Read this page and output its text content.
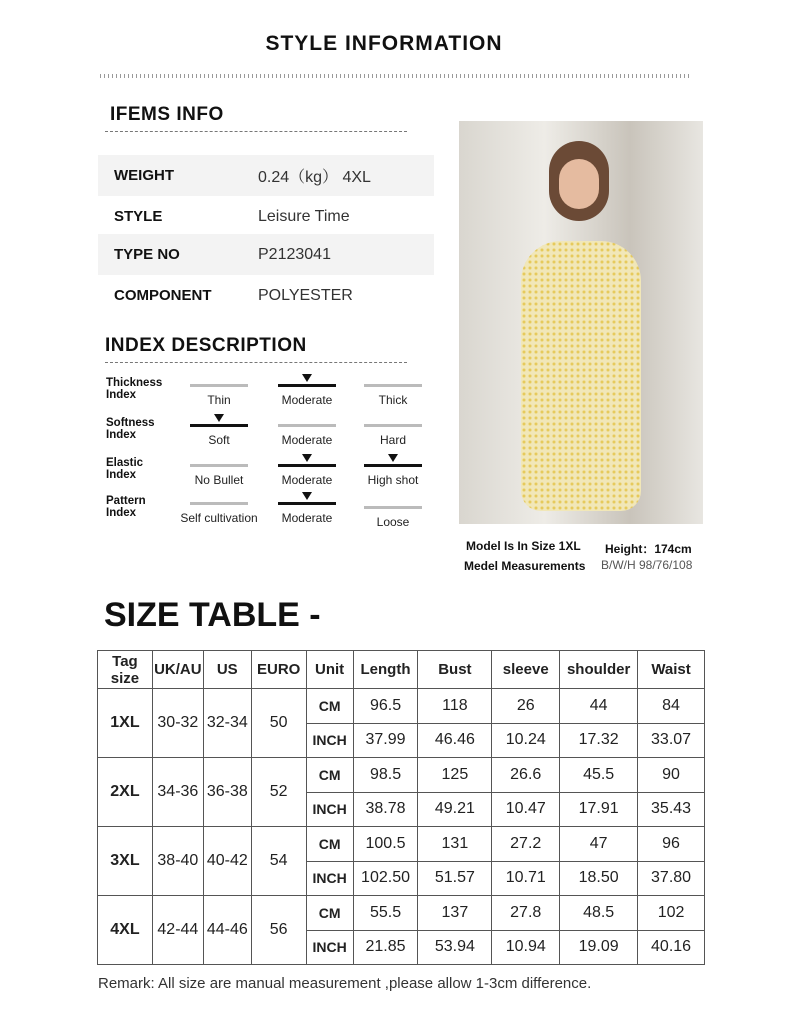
STYLE INFORMATION
IFEMS INFO
WEIGHT	0.24（kg） 4XL
STYLE	Leisure Time
TYPE NO	P2123041
COMPONENT	POLYESTER
INDEX DESCRIPTION
Thickness
Index	Thin	Moderate	Thick
Softness
Index	Soft	Moderate	Hard
Elastic
Index	No Bullet	Moderate	High shot
Pattern
Index	Self cultivation	Moderate	Loose
Model Is In Size 1XL Height：174cm
Medel Measurements B/W/H 98/76/108
SIZE TABLE -
Tag size	UK/AU	US	EURO	Unit	Length	Bust	sleeve	shoulder	Waist
1XL	30-32	32-34	50	CM	96.5	118	26	44	84
				INCH	37.99	46.46	10.24	17.32	33.07
2XL	34-36	36-38	52	CM	98.5	125	26.6	45.5	90
				INCH	38.78	49.21	10.47	17.91	35.43
3XL	38-40	40-42	54	CM	100.5	131	27.2	47	96
				INCH	102.50	51.57	10.71	18.50	37.80
4XL	42-44	44-46	56	CM	55.5	137	27.8	48.5	102
				INCH	21.85	53.94	10.94	19.09	40.16
Remark: All size are manual measurement ,please allow 1-3cm difference.
